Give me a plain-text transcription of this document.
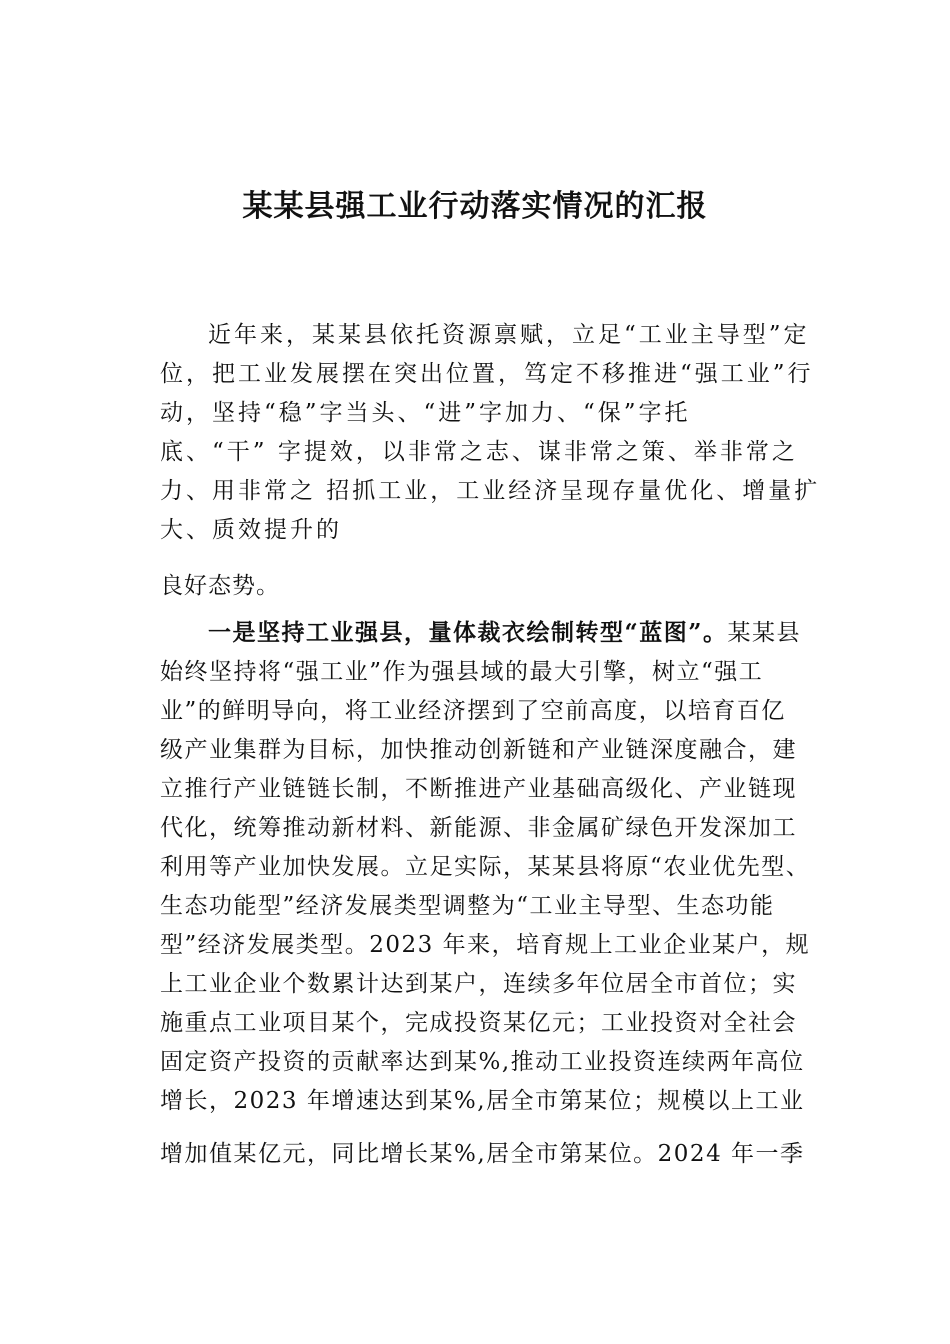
某某县强工业行动落实情况的汇报
近年来，某某县依托资源禀赋，立足“工业主导型”定
位，把工业发展摆在突出位置，笃定不移推进“强工业”行
动，坚持“稳”字当头、“进”字加力、“保”字托
底、“干” 字提效，以非常之志、谋非常之策、举非常之
力、用非常之 招抓工业，工业经济呈现存量优化、增量扩
大、质效提升的
良好态势。
一是坚持工业强县，量体裁衣绘制转型“蓝图”。某某县
始终坚持将“强工业”作为强县域的最大引擎，树立“强工
业”的鲜明导向，将工业经济摆到了空前高度，以培育百亿
级产业集群为目标，加快推动创新链和产业链深度融合，建
立推行产业链链长制，不断推进产业基础高级化、产业链现
代化，统筹推动新材料、新能源、非金属矿绿色开发深加工
利用等产业加快发展。立足实际，某某县将原“农业优先型、
生态功能型”经济发展类型调整为“工业主导型、生态功能
型”经济发展类型。2023 年来，培育规上工业企业某户，规
上工业企业个数累计达到某户，连续多年位居全市首位；实
施重点工业项目某个，完成投资某亿元；工业投资对全社会
固定资产投资的贡献率达到某%,推动工业投资连续两年高位
增长，2023 年增速达到某%,居全市第某位；规模以上工业
增加值某亿元，同比增长某%,居全市第某位。2024 年一季
